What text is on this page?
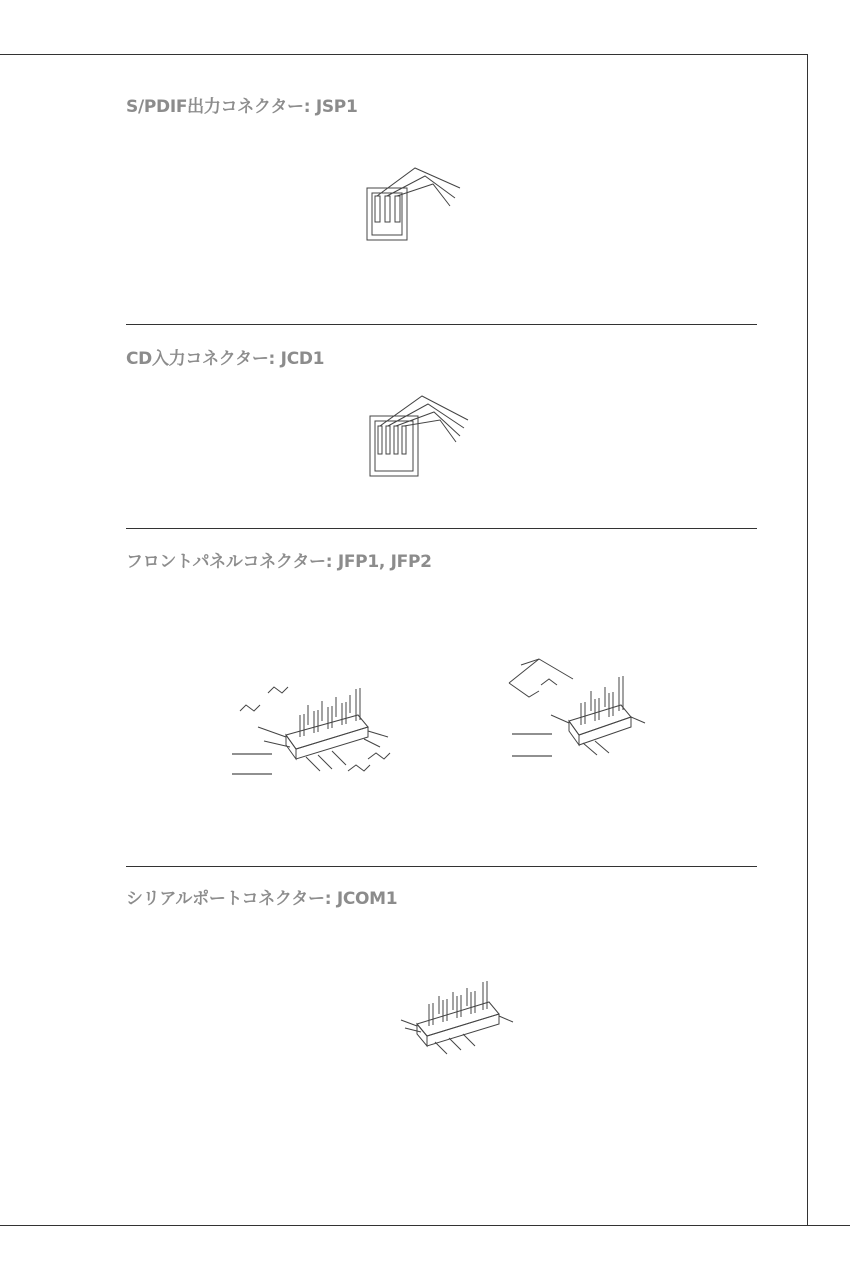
S/PDIF出力コネクター: JSP1
CD入力コネクター: JCD1
フロントパネルコネクター: JFP1, JFP2
シリアルポートコネクター: JCOM1
